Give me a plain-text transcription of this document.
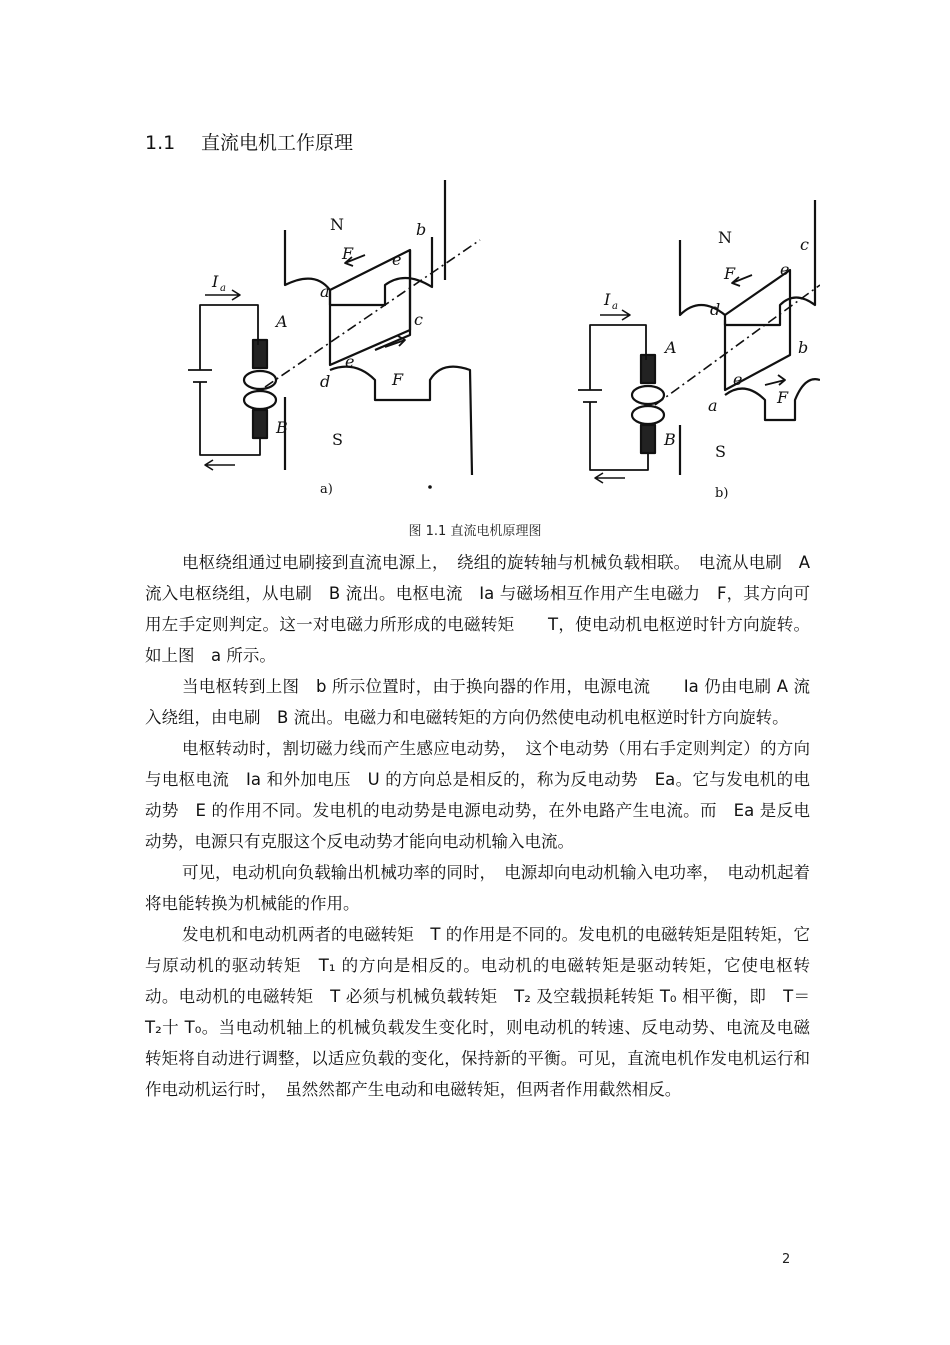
1.1 直流电机工作原理
N
S
I a
A
B
F
F
e
e
a
b
c
d
a)
N
S
I a
A
B
F
F
e
e
a
b
c
d
b)
图 1.1 直流电机原理图

电枢绕组通过电刷接到直流电源上，　绕组的旋转轴与机械负载相联。　电流从电刷　A 流入电枢绕组，从电刷　B 流出。电枢电流　Ia 与磁场相互作用产生电磁力　F，其方向可用左手定则判定。这一对电磁力所形成的电磁转矩　　T，使电动机电枢逆时针方向旋转。如上图　a 所示。

当电枢转到上图　b 所示位置时，由于换向器的作用，电源电流　　Ia 仍由电刷 A 流入绕组，由电刷　B 流出。电磁力和电磁转矩的方向仍然使电动机电枢逆时针方向旋转。

电枢转动时，割切磁力线而产生感应电动势，　这个电动势（用右手定则判定）的方向与电枢电流　Ia 和外加电压　U 的方向总是相反的，称为反电动势　Ea。它与发电机的电动势　E 的作用不同。发电机的电动势是电源电动势，在外电路产生电流。而　Ea 是反电动势，电源只有克服这个反电动势才能向电动机输入电流。

可见，电动机向负载输出机械功率的同时，　电源却向电动机输入电功率，　电动机起着将电能转换为机械能的作用。

发电机和电动机两者的电磁转矩　T 的作用是不同的。发电机的电磁转矩是阻转矩，它与原动机的驱动转矩　T₁ 的方向是相反的。电动机的电磁转矩是驱动转矩，它使电枢转动。电动机的电磁转矩　T 必须与机械负载转矩　T₂ 及空载损耗转矩 T₀ 相平衡，即　T＝T₂十 T₀。当电动机轴上的机械负载发生变化时，则电动机的转速、反电动势、电流及电磁转矩将自动进行调整，以适应负载的变化，保持新的平衡。可见，直流电机作发电机运行和作电动机运行时，　虽然然都产生电动和电磁转矩，但两者作用截然相反。

2
